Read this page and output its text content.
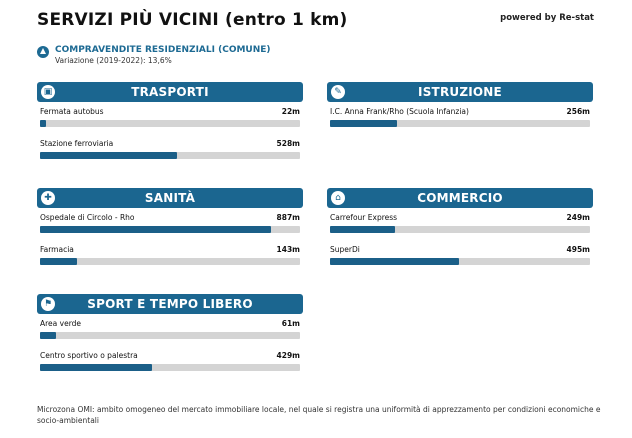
SERVIZI PIÙ VICINI (entro 1 km)	powered by Re-stat
COMPRAVENDITE RESIDENZIALI (COMUNE)
Variazione (2019-2022): 13,6%
▣	TRASPORTI
Fermata autobus	22m
Stazione ferroviaria	528m
✎	ISTRUZIONE
I.C. Anna Frank/Rho (Scuola Infanzia)	256m
✚	SANITÀ
Ospedale di Circolo - Rho	887m
Farmacia	143m
⌂	COMMERCIO
Carrefour Express	249m
SuperDi	495m
⚑	SPORT E TEMPO LIBERO
Area verde	61m
Centro sportivo o palestra	429m
Microzona OMI: ambito omogeneo del mercato immobiliare locale, nel quale si registra una uniformità di apprezzamento per condizioni economiche e socio-ambientali
